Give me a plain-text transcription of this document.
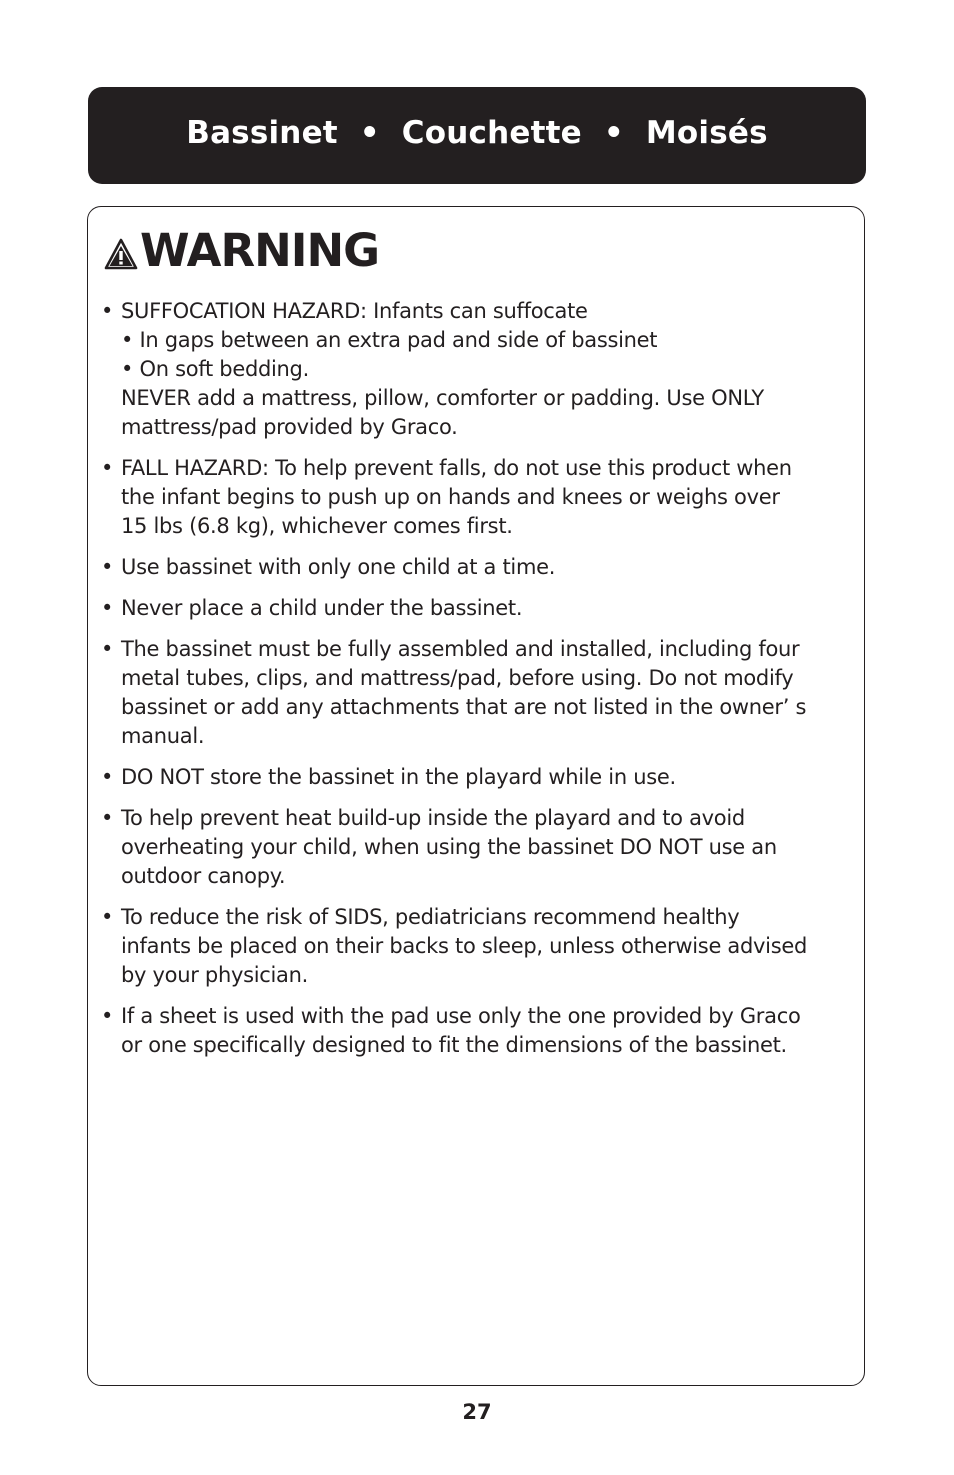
Bassinet  •  Couchette  •  Moisés
WARNING
• SUFFOCATION HAZARD: Infants can suffocate
• In gaps between an extra pad and side of bassinet
• On soft bedding.
NEVER add a mattress, pillow, comforter or padding. Use ONLY
mattress/pad provided by Graco.
• FALL HAZARD: To help prevent falls, do not use this product when
the infant begins to push up on hands and knees or weighs over
15 lbs (6.8 kg), whichever comes first.
• Use bassinet with only one child at a time.
• Never place a child under the bassinet.
• The bassinet must be fully assembled and installed, including four
metal tubes, clips, and mattress/pad, before using. Do not modify
bassinet or add any attachments that are not listed in the owner’ s
manual.
• DO NOT store the bassinet in the playard while in use.
• To help prevent heat build-up inside the playard and to avoid
overheating your child, when using the bassinet DO NOT use an
outdoor canopy.
• To reduce the risk of SIDS, pediatricians recommend healthy
infants be placed on their backs to sleep, unless otherwise advised
by your physician.
• If a sheet is used with the pad use only the one provided by Graco
or one specifically designed to fit the dimensions of the bassinet.
27
